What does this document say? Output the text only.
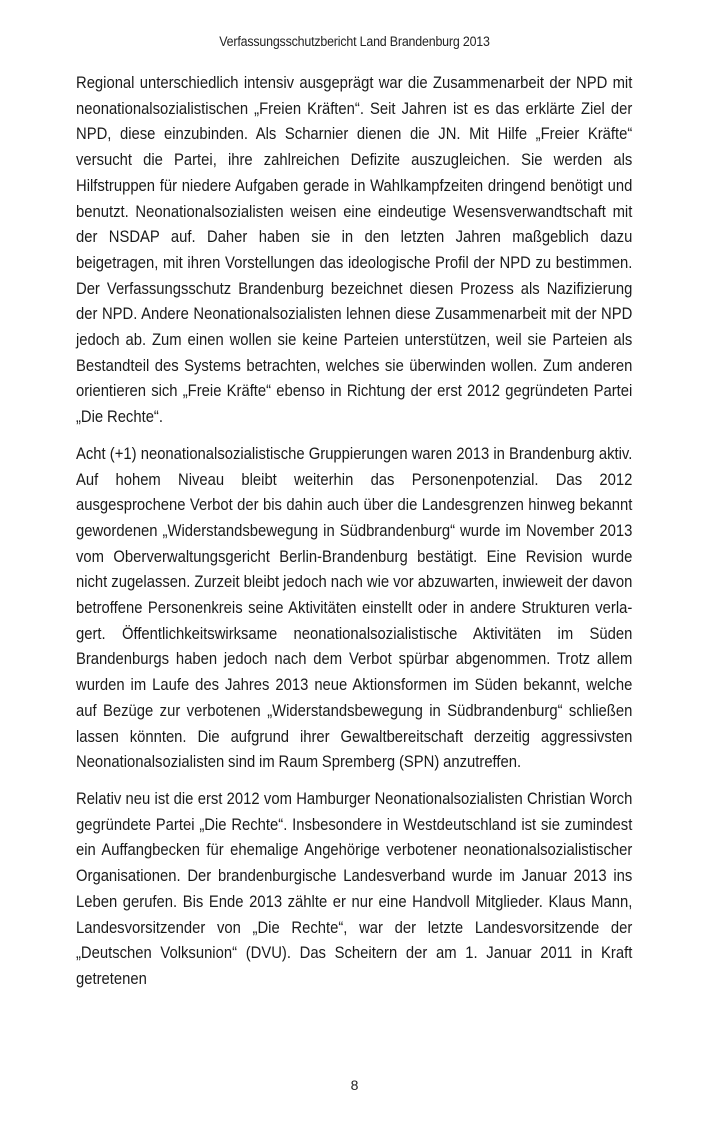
Verfassungsschutzbericht Land Brandenburg 2013

Regional unterschiedlich intensiv ausgeprägt war die Zusammenarbeit der NPD mit neonationalsozialistischen „Freien Kräften“. Seit Jahren ist es das erklärte Ziel der NPD, diese einzubinden. Als Scharnier dienen die JN. Mit Hilfe „Freier Kräfte“ versucht die Partei, ihre zahlreichen Defizite auszugleichen. Sie werden als Hilfstruppen für niedere Aufgaben gerade in Wahlkampfzeiten dringend benötigt und benutzt. Neonationalsozialisten weisen eine eindeutige Wesensverwandtschaft mit der NSDAP auf. Daher haben sie in den letzten Jahren maßgeblich dazu beigetragen, mit ihren Vorstellungen das ideologische Profil der NPD zu bestimmen. Der Verfassungsschutz Brandenburg bezeichnet diesen Prozess als Nazifizierung der NPD. Andere Neonationalsozialisten lehnen diese Zusammenarbeit mit der NPD jedoch ab. Zum einen wollen sie keine Parteien unterstützen, weil sie Parteien als Bestandteil des Systems betrachten, welches sie überwinden wollen. Zum anderen orientieren sich „Freie Kräfte“ ebenso in Richtung der erst 2012 gegründeten Partei „Die Rechte“.

Acht (+1) neonationalsozialistische Gruppierungen waren 2013 in Brandenburg aktiv. Auf hohem Niveau bleibt weiterhin das Personenpotenzial. Das 2012 ausgesprochene Verbot der bis dahin auch über die Landesgrenzen hinweg bekannt gewordenen „Widerstandsbewegung in Südbrandenburg“ wurde im November 2013 vom Oberverwaltungsgericht Berlin-Brandenburg bestätigt. Eine Revision wurde nicht zugelassen. Zurzeit bleibt jedoch nach wie vor abzuwarten, inwieweit der davon betroffene Personenkreis seine Aktivitäten einstellt oder in andere Strukturen verlagert. Öffentlichkeitswirksame neonationalsozialistische Aktivitäten im Süden Brandenburgs haben jedoch nach dem Verbot spürbar abgenommen. Trotz allem wurden im Laufe des Jahres 2013 neue Aktionsformen im Süden bekannt, welche auf Bezüge zur verbotenen „Widerstandsbewegung in Südbrandenburg“ schließen lassen könnten. Die aufgrund ihrer Gewaltbereitschaft derzeitig aggressivsten Neonationalsozialisten sind im Raum Spremberg (SPN) anzutreffen.

Relativ neu ist die erst 2012 vom Hamburger Neonationalsozialisten Christian Worch gegründete Partei „Die Rechte“. Insbesondere in Westdeutschland ist sie zumindest ein Auffangbecken für ehemalige Angehörige verbotener neonationalsozialistischer Organisationen. Der brandenburgische Landesverband wurde im Januar 2013 ins Leben gerufen. Bis Ende 2013 zählte er nur eine Handvoll Mitglieder. Klaus Mann, Landesvorsitzender von „Die Rechte“, war der letzte Landesvorsitzende der „Deutschen Volksunion“ (DVU). Das Scheitern der am 1. Januar 2011 in Kraft getretenen

8
